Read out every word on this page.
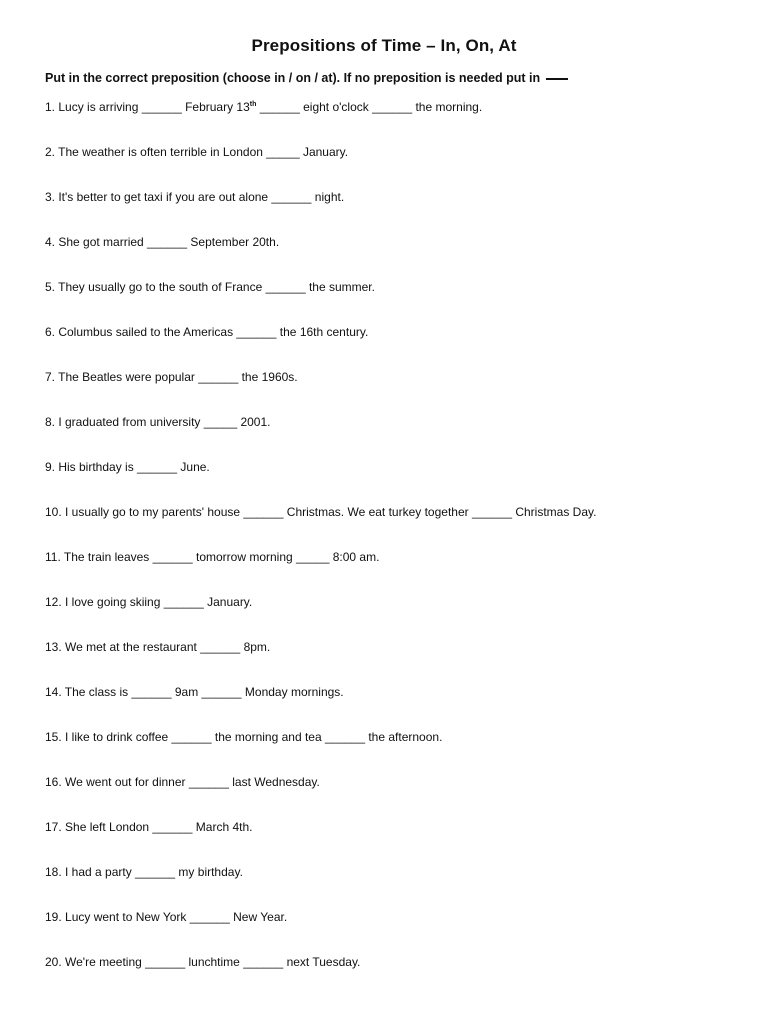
Prepositions of Time – In, On, At
Put in the correct preposition (choose in / on / at). If no preposition is needed put in
1. Lucy is arriving ______ February 13th ______ eight o'clock ______ the morning.
2. The weather is often terrible in London _____ January.
3. It's better to get taxi if you are out alone ______ night.
4. She got married ______ September 20th.
5. They usually go to the south of France ______ the summer.
6. Columbus sailed to the Americas ______ the 16th century.
7. The Beatles were popular ______ the 1960s.
8. I graduated from university _____ 2001.
9. His birthday is ______ June.
10. I usually go to my parents' house ______ Christmas. We eat turkey together ______ Christmas Day.
11. The train leaves ______ tomorrow morning _____ 8:00 am.
12. I love going skiing ______ January.
13. We met at the restaurant ______ 8pm.
14. The class is ______ 9am ______ Monday mornings.
15. I like to drink coffee ______ the morning and tea ______ the afternoon.
16. We went out for dinner ______ last Wednesday.
17. She left London ______ March 4th.
18. I had a party ______ my birthday.
19. Lucy went to New York ______ New Year.
20. We're meeting ______ lunchtime ______ next Tuesday.
